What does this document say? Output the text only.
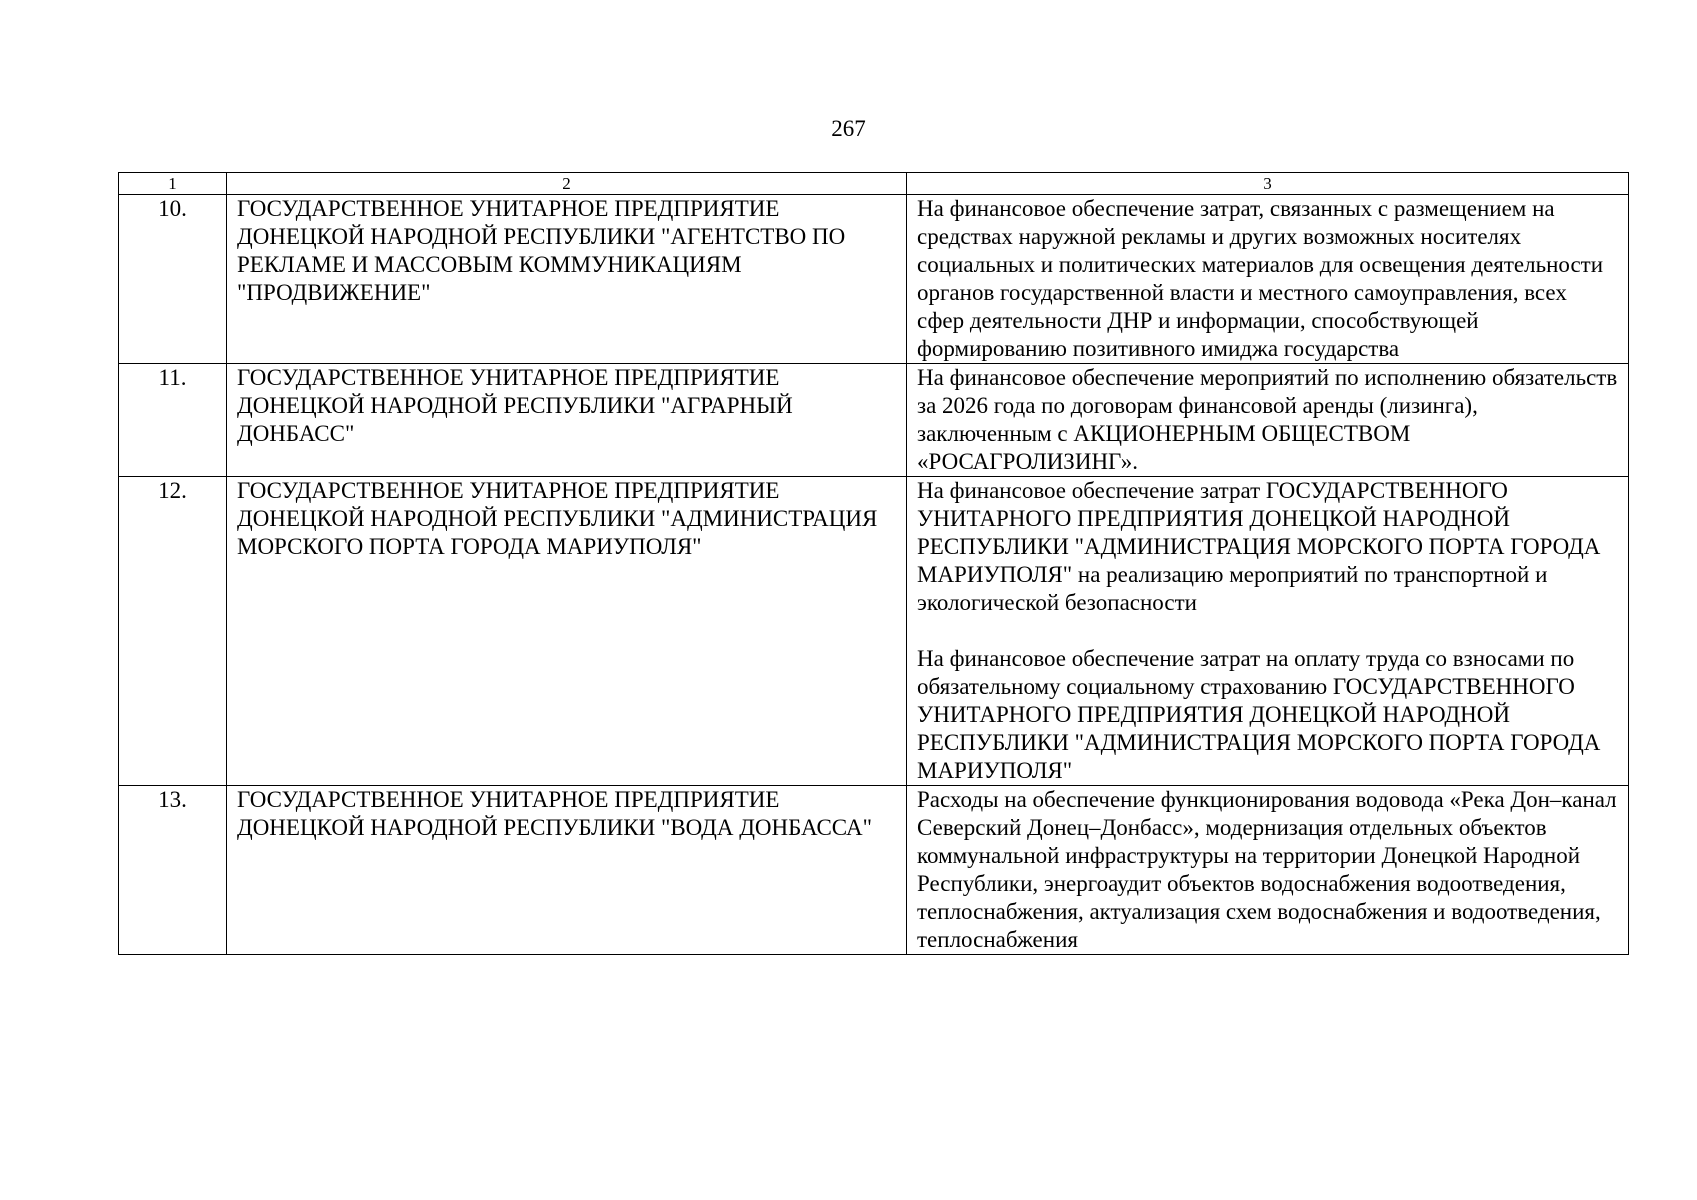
267
1	2	3
10.	ГОСУДАРСТВЕННОЕ УНИТАРНОЕ ПРЕДПРИЯТИЕ ДОНЕЦКОЙ НАРОДНОЙ РЕСПУБЛИКИ "АГЕНТСТВО ПО РЕКЛАМЕ И МАССОВЫМ КОММУНИКАЦИЯМ "ПРОДВИЖЕНИЕ"	На финансовое обеспечение затрат, связанных с размещением на средствах наружной рекламы и других возможных носителях социальных и политических материалов для освещения деятельности органов государственной власти и местного самоуправления, всех сфер деятельности ДНР и информации, способствующей формированию позитивного имиджа государства

11.	ГОСУДАРСТВЕННОЕ УНИТАРНОЕ ПРЕДПРИЯТИЕ ДОНЕЦКОЙ НАРОДНОЙ РЕСПУБЛИКИ "АГРАРНЫЙ ДОНБАСС"	На финансовое обеспечение мероприятий по исполнению обязательств за 2026 года по договорам финансовой аренды (лизинга), заключенным с АКЦИОНЕРНЫМ ОБЩЕСТВОМ «РОСАГРОЛИЗИНГ».

12.	ГОСУДАРСТВЕННОЕ УНИТАРНОЕ ПРЕДПРИЯТИЕ ДОНЕЦКОЙ НАРОДНОЙ РЕСПУБЛИКИ "АДМИНИСТРАЦИЯ МОРСКОГО ПОРТА ГОРОДА МАРИУПОЛЯ"	На финансовое обеспечение затрат ГОСУДАРСТВЕННОГО УНИТАРНОГО ПРЕДПРИЯТИЯ ДОНЕЦКОЙ НАРОДНОЙ РЕСПУБЛИКИ "АДМИНИСТРАЦИЯ МОРСКОГО ПОРТА ГОРОДА МАРИУПОЛЯ" на реализацию мероприятий по транспортной и экологической безопасности
На финансовое обеспечение затрат на оплату труда со взносами по обязательному социальному страхованию ГОСУДАРСТВЕННОГО УНИТАРНОГО ПРЕДПРИЯТИЯ ДОНЕЦКОЙ НАРОДНОЙ РЕСПУБЛИКИ "АДМИНИСТРАЦИЯ МОРСКОГО ПОРТА ГОРОДА МАРИУПОЛЯ"

13.	ГОСУДАРСТВЕННОЕ УНИТАРНОЕ ПРЕДПРИЯТИЕ ДОНЕЦКОЙ НАРОДНОЙ РЕСПУБЛИКИ "ВОДА ДОНБАССА"	Расходы на обеспечение функционирования водовода «Река Дон–канал Северский Донец–Донбасс», модернизация отдельных объектов коммунальной инфраструктуры на территории Донецкой Народной Республики, энергоаудит объектов водоснабжения водоотведения, теплоснабжения, актуализация схем водоснабжения и водоотведения, теплоснабжения
